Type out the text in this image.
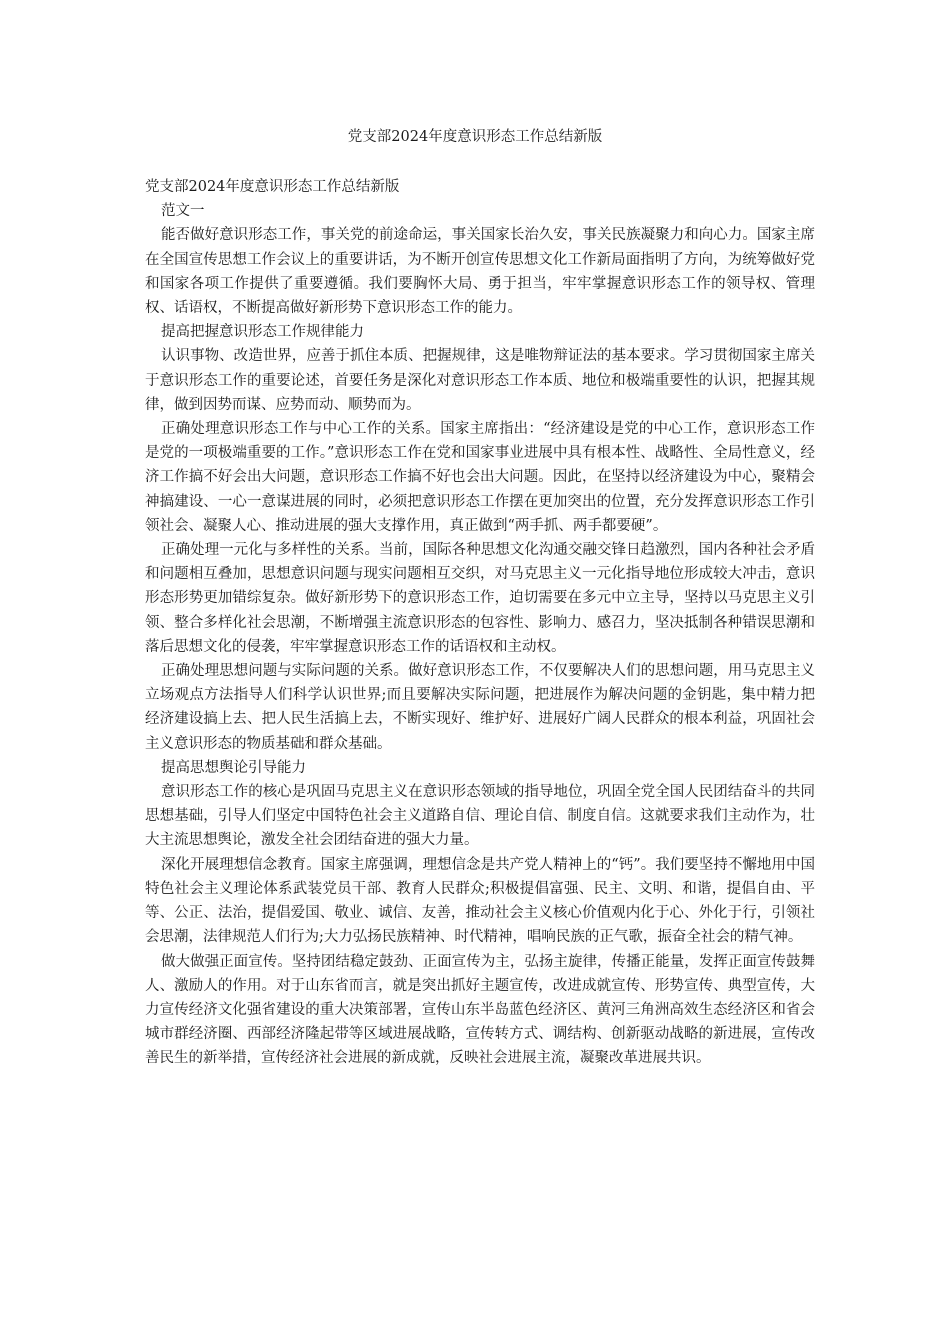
党支部2024年度意识形态工作总结新版

党支部2024年度意识形态工作总结新版

范文一

能否做好意识形态工作，事关党的前途命运，事关国家长治久安，事关民族凝聚力和向心力。国家主席在全国宣传思想工作会议上的重要讲话，为不断开创宣传思想文化工作新局面指明了方向，为统筹做好党和国家各项工作提供了重要遵循。我们要胸怀大局、勇于担当，牢牢掌握意识形态工作的领导权、管理权、话语权，不断提高做好新形势下意识形态工作的能力。

提高把握意识形态工作规律能力

认识事物、改造世界，应善于抓住本质、把握规律，这是唯物辩证法的基本要求。学习贯彻国家主席关于意识形态工作的重要论述，首要任务是深化对意识形态工作本质、地位和极端重要性的认识，把握其规律，做到因势而谋、应势而动、顺势而为。

正确处理意识形态工作与中心工作的关系。国家主席指出：“经济建设是党的中心工作，意识形态工作是党的一项极端重要的工作。”意识形态工作在党和国家事业进展中具有根本性、战略性、全局性意义，经济工作搞不好会出大问题，意识形态工作搞不好也会出大问题。因此，在坚持以经济建设为中心，聚精会神搞建设、一心一意谋进展的同时，必须把意识形态工作摆在更加突出的位置，充分发挥意识形态工作引领社会、凝聚人心、推动进展的强大支撑作用，真正做到“两手抓、两手都要硬”。

正确处理一元化与多样性的关系。当前，国际各种思想文化沟通交融交锋日趋激烈，国内各种社会矛盾和问题相互叠加，思想意识问题与现实问题相互交织，对马克思主义一元化指导地位形成较大冲击，意识形态形势更加错综复杂。做好新形势下的意识形态工作，迫切需要在多元中立主导，坚持以马克思主义引领、整合多样化社会思潮，不断增强主流意识形态的包容性、影响力、感召力，坚决抵制各种错误思潮和落后思想文化的侵袭，牢牢掌握意识形态工作的话语权和主动权。

正确处理思想问题与实际问题的关系。做好意识形态工作，不仅要解决人们的思想问题，用马克思主义立场观点方法指导人们科学认识世界;而且要解决实际问题，把进展作为解决问题的金钥匙，集中精力把经济建设搞上去、把人民生活搞上去，不断实现好、维护好、进展好广阔人民群众的根本利益，巩固社会主义意识形态的物质基础和群众基础。

提高思想舆论引导能力

意识形态工作的核心是巩固马克思主义在意识形态领域的指导地位，巩固全党全国人民团结奋斗的共同思想基础，引导人们坚定中国特色社会主义道路自信、理论自信、制度自信。这就要求我们主动作为，壮大主流思想舆论，激发全社会团结奋进的强大力量。

深化开展理想信念教育。国家主席强调，理想信念是共产党人精神上的“钙”。我们要坚持不懈地用中国特色社会主义理论体系武装党员干部、教育人民群众;积极提倡富强、民主、文明、和谐，提倡自由、平等、公正、法治，提倡爱国、敬业、诚信、友善，推动社会主义核心价值观内化于心、外化于行，引领社会思潮，法律规范人们行为;大力弘扬民族精神、时代精神，唱响民族的正气歌，振奋全社会的精气神。

做大做强正面宣传。坚持团结稳定鼓劲、正面宣传为主，弘扬主旋律，传播正能量，发挥正面宣传鼓舞人、激励人的作用。对于山东省而言，就是突出抓好主题宣传，改进成就宣传、形势宣传、典型宣传，大力宣传经济文化强省建设的重大决策部署，宣传山东半岛蓝色经济区、黄河三角洲高效生态经济区和省会城市群经济圈、西部经济隆起带等区域进展战略，宣传转方式、调结构、创新驱动战略的新进展，宣传改善民生的新举措，宣传经济社会进展的新成就，反映社会进展主流，凝聚改革进展共识。
